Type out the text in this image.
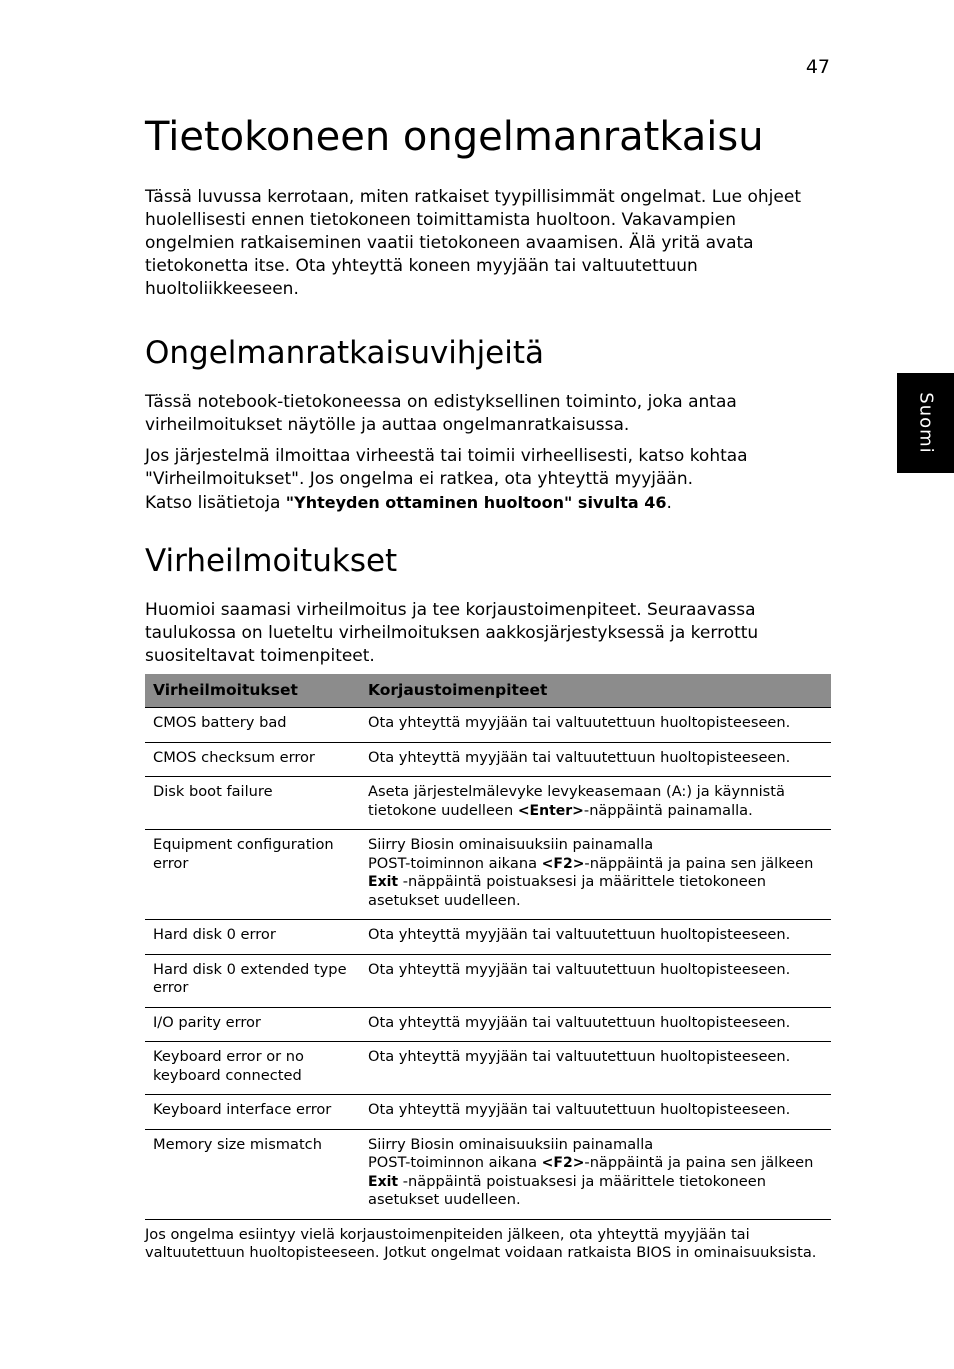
47
Suomi
Tietokoneen ongelmanratkaisu

Tässä luvussa kerrotaan, miten ratkaiset tyypillisimmät ongelmat. Lue ohjeet huolellisesti ennen tietokoneen toimittamista huoltoon. Vakavampien ongelmien ratkaiseminen vaatii tietokoneen avaamisen. Älä yritä avata tietokonetta itse. Ota yhteyttä koneen myyjään tai valtuutettuun huoltoliikkeeseen.

Ongelmanratkaisuvihjeitä

Tässä notebook-tietokoneessa on edistyksellinen toiminto, joka antaa virheilmoitukset näytölle ja auttaa ongelmanratkaisussa.

Jos järjestelmä ilmoittaa virheestä tai toimii virheellisesti, katso kohtaa "Virheilmoitukset". Jos ongelma ei ratkea, ota yhteyttä myyjään.
Katso lisätietoja "Yhteyden ottaminen huoltoon" sivulta 46.

Virheilmoitukset

Huomioi saamasi virheilmoitus ja tee korjaustoimenpiteet. Seuraavassa taulukossa on lueteltu virheilmoituksen aakkosjärjestyksessä ja kerrottu suositeltavat toimenpiteet.

Virheilmoitukset	Korjaustoimenpiteet
CMOS battery bad	Ota yhteyttä myyjään tai valtuutettuun huoltopisteeseen.
CMOS checksum error	Ota yhteyttä myyjään tai valtuutettuun huoltopisteeseen.
Disk boot failure	Aseta järjestelmälevyke levykeasemaan (A:) ja käynnistä
tietokone uudelleen <Enter>-näppäintä painamalla.

Equipment configuration error	Siirry Biosin ominaisuuksiin painamalla
POST-toiminnon aikana <F2>-näppäintä ja paina sen jälkeen
Exit -näppäintä poistuaksesi ja määrittele tietokoneen
asetukset uudelleen.

Hard disk 0 error	Ota yhteyttä myyjään tai valtuutettuun huoltopisteeseen.
Hard disk 0 extended type error	Ota yhteyttä myyjään tai valtuutettuun huoltopisteeseen.
I/O parity error	Ota yhteyttä myyjään tai valtuutettuun huoltopisteeseen.
Keyboard error or no keyboard connected	Ota yhteyttä myyjään tai valtuutettuun huoltopisteeseen.
Keyboard interface error	Ota yhteyttä myyjään tai valtuutettuun huoltopisteeseen.
Memory size mismatch	Siirry Biosin ominaisuuksiin painamalla
POST-toiminnon aikana <F2>-näppäintä ja paina sen jälkeen
Exit -näppäintä poistuaksesi ja määrittele tietokoneen
asetukset uudelleen.

Jos ongelma esiintyy vielä korjaustoimenpiteiden jälkeen, ota yhteyttä myyjään tai valtuutettuun huoltopisteeseen. Jotkut ongelmat voidaan ratkaista BIOS in ominaisuuksista.
